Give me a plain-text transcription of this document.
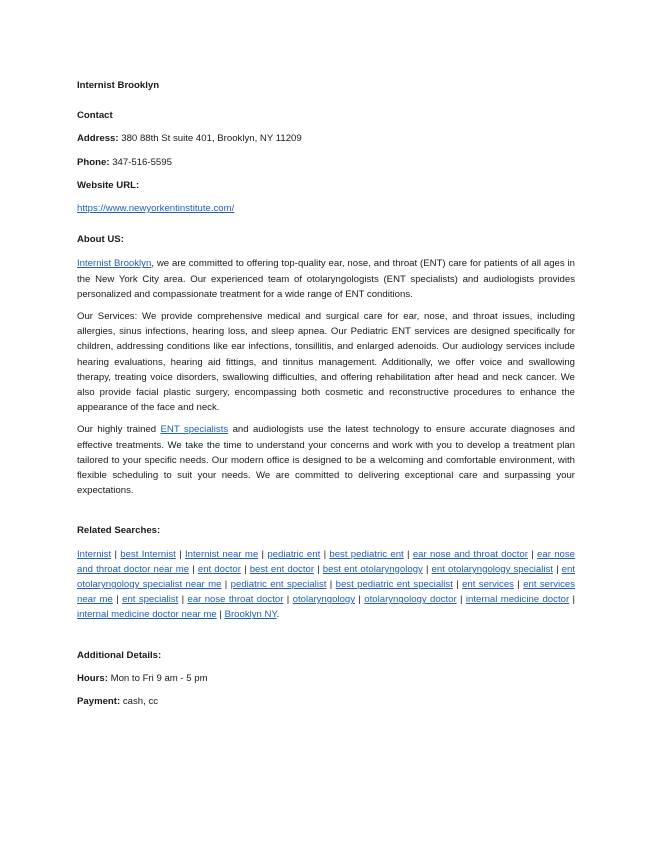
Internist Brooklyn

Contact

Address: 380 88th St suite 401, Brooklyn, NY 11209

Phone: 347-516-5595

Website URL:

https://www.newyorkentinstitute.com/

About US:

Internist Brooklyn, we are committed to offering top-quality ear, nose, and throat (ENT) care for patients of all ages in the New York City area. Our experienced team of otolaryngologists (ENT specialists) and audiologists provides personalized and compassionate treatment for a wide range of ENT conditions.

Our Services: We provide comprehensive medical and surgical care for ear, nose, and throat issues, including allergies, sinus infections, hearing loss, and sleep apnea. Our Pediatric ENT services are designed specifically for children, addressing conditions like ear infections, tonsillitis, and enlarged adenoids. Our audiology services include hearing evaluations, hearing aid fittings, and tinnitus management. Additionally, we offer voice and swallowing therapy, treating voice disorders, swallowing difficulties, and offering rehabilitation after head and neck cancer. We also provide facial plastic surgery, encompassing both cosmetic and reconstructive procedures to enhance the appearance of the face and neck.

Our highly trained ENT specialists and audiologists use the latest technology to ensure accurate diagnoses and effective treatments. We take the time to understand your concerns and work with you to develop a treatment plan tailored to your specific needs. Our modern office is designed to be a welcoming and comfortable environment, with flexible scheduling to suit your needs. We are committed to delivering exceptional care and surpassing your expectations.

Related Searches:

Internist | best Internist | Internist near me | pediatric ent | best pediatric ent | ear nose and throat doctor | ear nose and throat doctor near me | ent doctor | best ent doctor | best ent otolaryngology | ent otolaryngology specialist | ent otolaryngology specialist near me | pediatric ent specialist | best pediatric ent specialist | ent services | ent services near me | ent specialist | ear nose throat doctor | otolaryngology | otolaryngology doctor | internal medicine doctor | internal medicine doctor near me | Brooklyn NY.

Additional Details:

Hours: Mon to Fri 9 am - 5 pm

Payment: cash, cc
